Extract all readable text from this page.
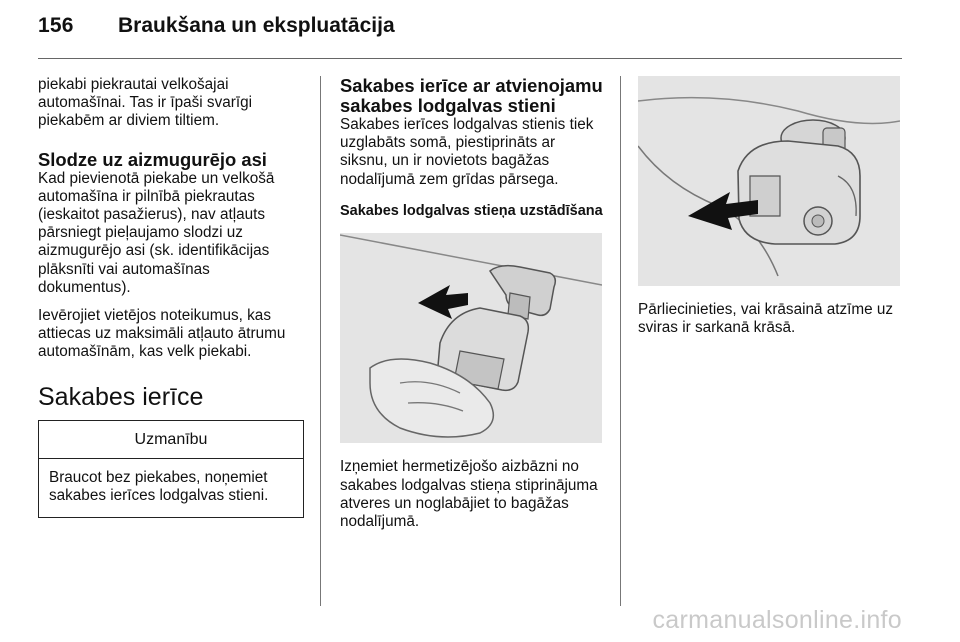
156 Braukšana un ekspluatācija

piekabi piekrautai velkošajai automašīnai. Tas ir īpaši svarīgi piekabēm ar diviem tiltiem.

Slodze uz aizmugurējo asi

Kad pievienotā piekabe un velkošā automašīna ir pilnībā piekrautas (ieskaitot pasažierus), nav atļauts pārsniegt pieļaujamo slodzi uz aizmugurējo asi (sk. identifikācijas plāksnīti vai automašīnas dokumentus).

Ievērojiet vietējos noteikumus, kas attiecas uz maksimāli atļauto ātrumu automašīnām, kas velk piekabi.

Sakabes ierīce
Uzmanību
Braucot bez piekabes, noņemiet sakabes ierīces lodgalvas stieni.
Sakabes ierīce ar atvienojamu sakabes lodgalvas stieni

Sakabes ierīces lodgalvas stienis tiek uzglabāts somā, piestiprināts ar siksnu, un ir novietots bagāžas nodalījumā zem grīdas pārsega.

Sakabes lodgalvas stieņa uzstādīšana

Izņemiet hermetizējošo aizbāzni no sakabes lodgalvas stieņa stiprinājuma atveres un noglabājiet to bagāžas nodalījumā.

Pārliecinieties, vai krāsainā atzīme uz sviras ir sarkanā krāsā.

carmanualsonline.info
